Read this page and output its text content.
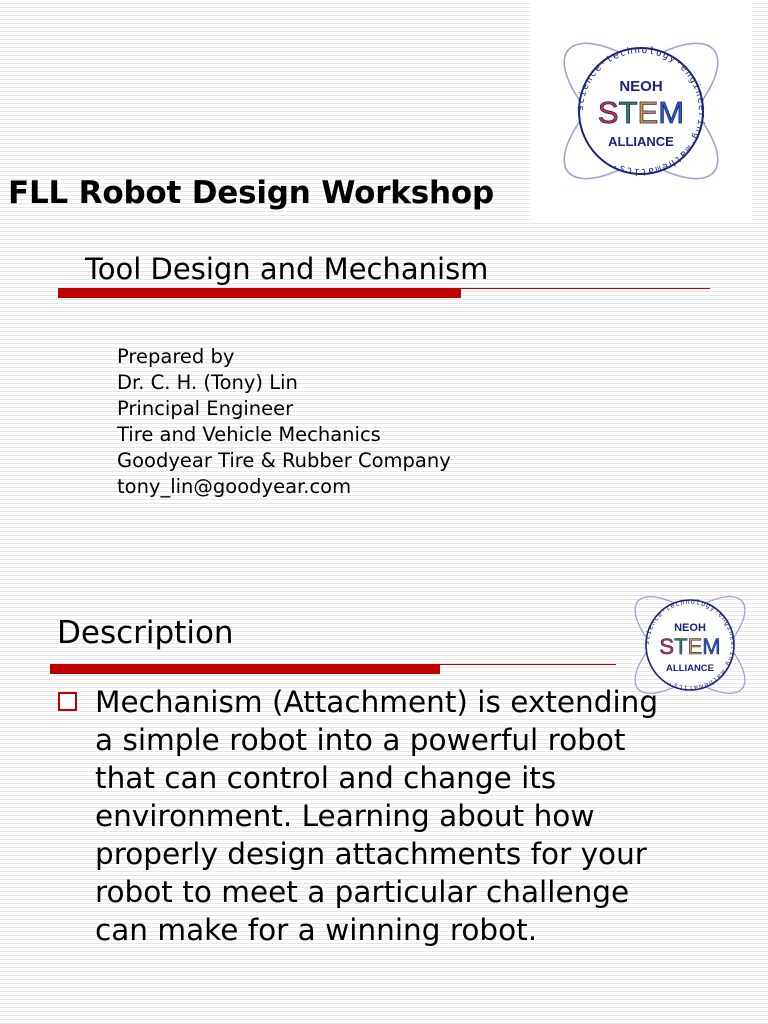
science·technology·engineering·mathematics·
NEOH
STEM
ALLIANCE
FLL Robot Design Workshop
Tool Design and Mechanism
Prepared by
Dr. C. H. (Tony) Lin
Principal Engineer
Tire and Vehicle Mechanics
Goodyear Tire & Rubber Company
tony_lin@goodyear.com
science·technology·engineering·mathematics·
NEOH
STEM
ALLIANCE
Description
Mechanism (Attachment) is extending
a simple robot into a powerful robot
that can control and change its
environment. Learning about how
properly design attachments for your
robot to meet a particular challenge
can make for a winning robot.
